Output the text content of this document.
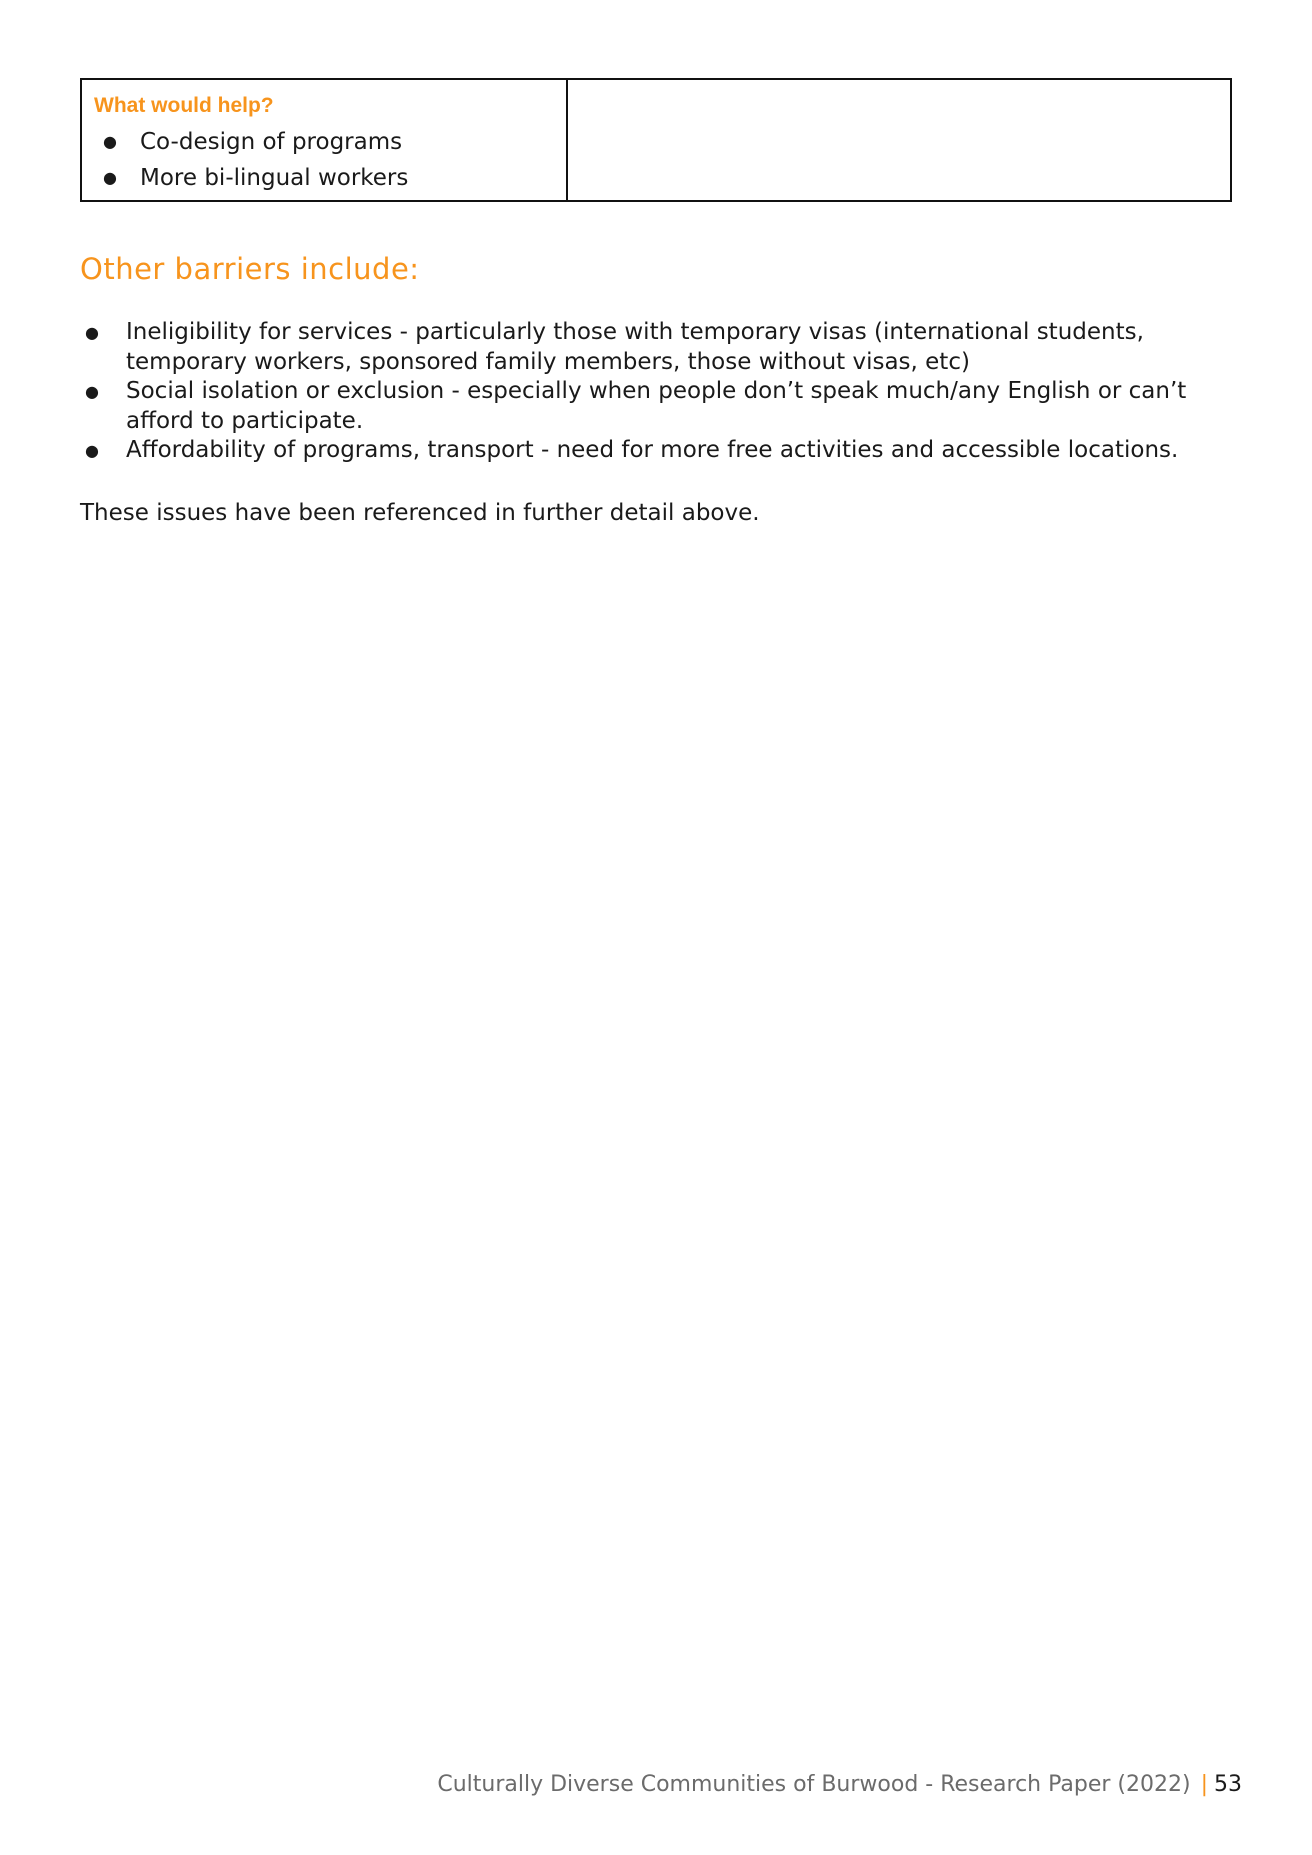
What would help?
● Co-design of programs
● More bi-lingual workers
Other barriers include:
● Ineligibility for services - particularly those with temporary visas (international students, temporary workers, sponsored family members, those without visas, etc)
● Social isolation or exclusion - especially when people don’t speak much/any English or can’t afford to participate.
● Affordability of programs, transport - need for more free activities and accessible locations.

These issues have been referenced in further detail above.

Culturally Diverse Communities of Burwood - Research Paper (2022) | 53
